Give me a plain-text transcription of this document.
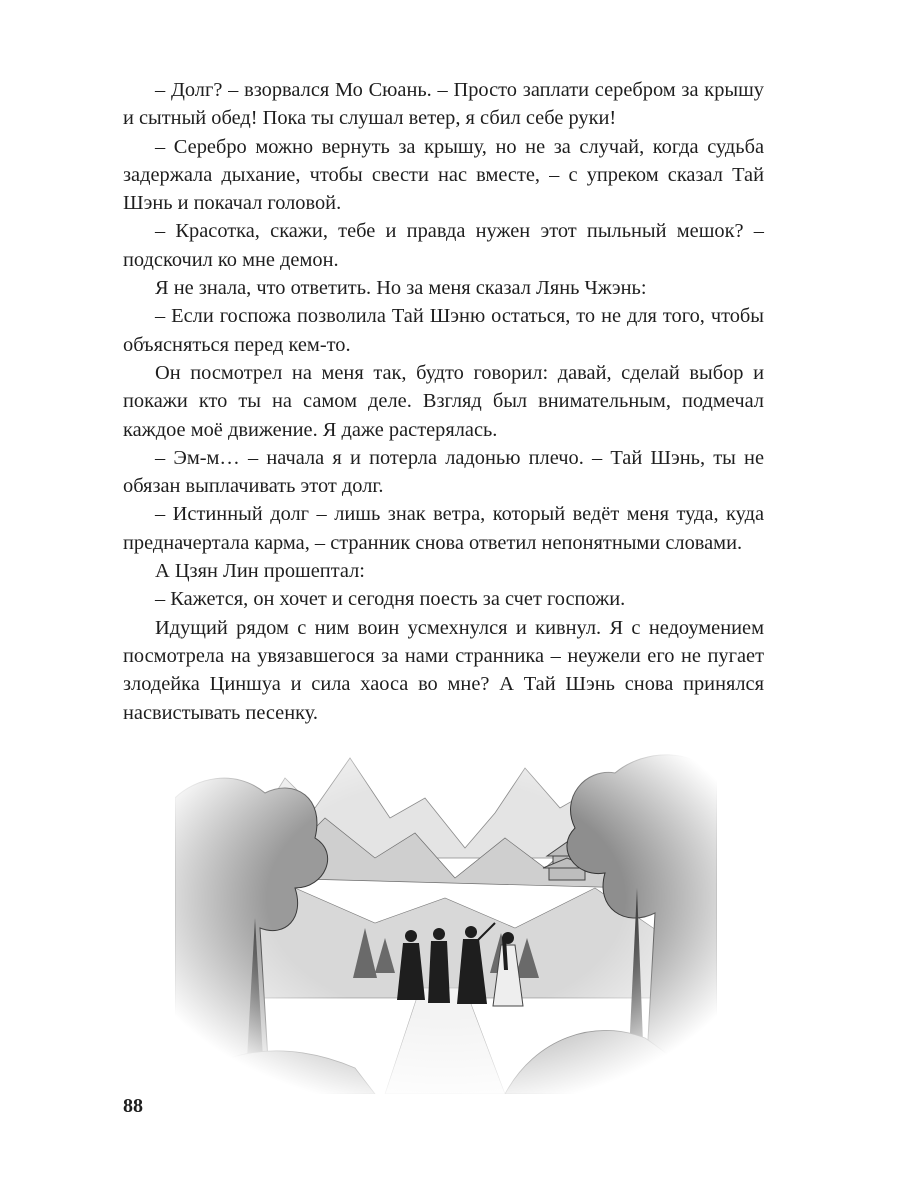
– Долг? – взорвался Мо Сюань. – Просто заплати серебром за крышу и сытный обед! Пока ты слушал ветер, я сбил себе руки!

– Серебро можно вернуть за крышу, но не за случай, когда судьба задержала дыхание, чтобы свести нас вместе, – с упреком сказал Тай Шэнь и покачал головой.

– Красотка, скажи, тебе и правда нужен этот пыльный мешок? – подскочил ко мне демон.

Я не знала, что ответить. Но за меня сказал Лянь Чжэнь:

– Если госпожа позволила Тай Шэню остаться, то не для того, чтобы объясняться перед кем-то.

Он посмотрел на меня так, будто говорил: давай, сделай выбор и покажи кто ты на самом деле. Взгляд был внимательным, подмечал каждое моё движение. Я даже растерялась.

– Эм-м… – начала я и потерла ладонью плечо. – Тай Шэнь, ты не обязан выплачивать этот долг.

– Истинный долг – лишь знак ветра, который ведёт меня туда, куда предначертала карма, – странник снова ответил непонятными словами.

А Цзян Лин прошептал:

– Кажется, он хочет и сегодня поесть за счет госпожи.

Идущий рядом с ним воин усмехнулся и кивнул. Я с недоумением посмотрела на увязавшегося за нами странника – неужели его не пугает злодейка Циншуа и сила хаоса во мне? А Тай Шэнь снова принялся насвистывать песенку.

88
